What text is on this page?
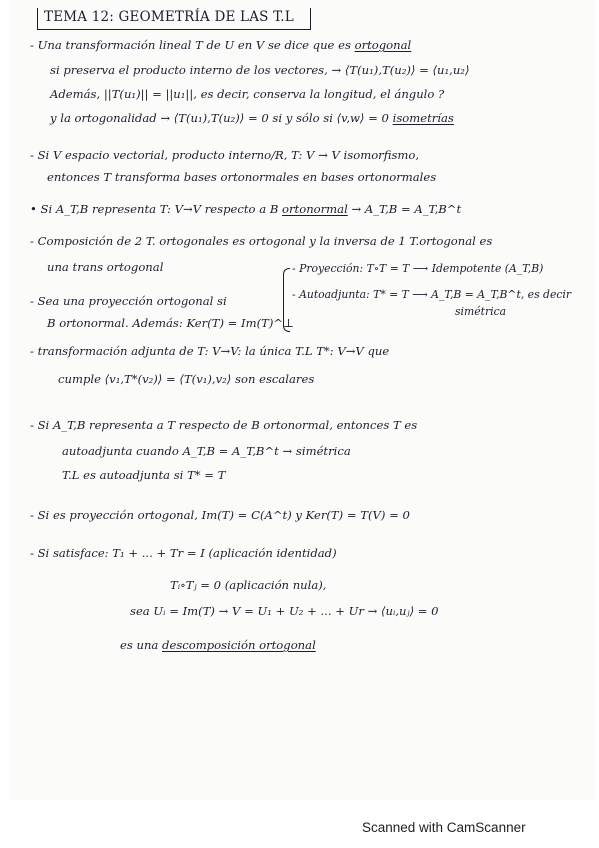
TEMA 12: GEOMETRÍA DE LAS T.L
- Una transformación lineal T de U en V se dice que es ortogonal
si preserva el producto interno de los vectores, → ⟨T(u₁),T(u₂)⟩ = ⟨u₁,u₂⟩
Además, ||T(u₁)|| = ||u₁||, es decir, conserva la longitud, el ángulo ?
y la ortogonalidad → ⟨T(u₁),T(u₂)⟩ = 0 si y sólo si ⟨v,w⟩ = 0 isometrías
- Si V espacio vectorial, producto interno/R, T: V → V isomorfismo,
entonces T transforma bases ortonormales en bases ortonormales
• Si A_T,B representa T: V→V respecto a B ortonormal → A_T,B = A_T,B^t
- Composición de 2 T. ortogonales es ortogonal y la inversa de 1 T.ortogonal es
una trans ortogonal
- Sea una proyección ortogonal si
B ortonormal. Además: Ker(T) = Im(T)^⊥
- Proyección: T∘T = T ⟶ Idempotente (A_T,B)
- Autoadjunta: T* = T ⟶ A_T,B = A_T,B^t, es decir
simétrica
- transformación adjunta de T: V→V: la única T.L T*: V→V que
cumple ⟨v₁,T*(v₂)⟩ = ⟨T(v₁),v₂⟩ son escalares
- Si A_T,B representa a T respecto de B ortonormal, entonces T es
autoadjunta cuando A_T,B = A_T,B^t → simétrica
T.L es autoadjunta si T* = T
- Si es proyección ortogonal, Im(T) = C(A^t) y Ker(T) = T(V) = 0
- Si satisface: T₁ + ... + Tr = I (aplicación identidad)
Tᵢ∘Tⱼ = 0 (aplicación nula),
sea Uᵢ = Im(T) → V = U₁ + U₂ + ... + Ur → ⟨uᵢ,uⱼ⟩ = 0
es una descomposición ortogonal
Scanned with CamScanner
